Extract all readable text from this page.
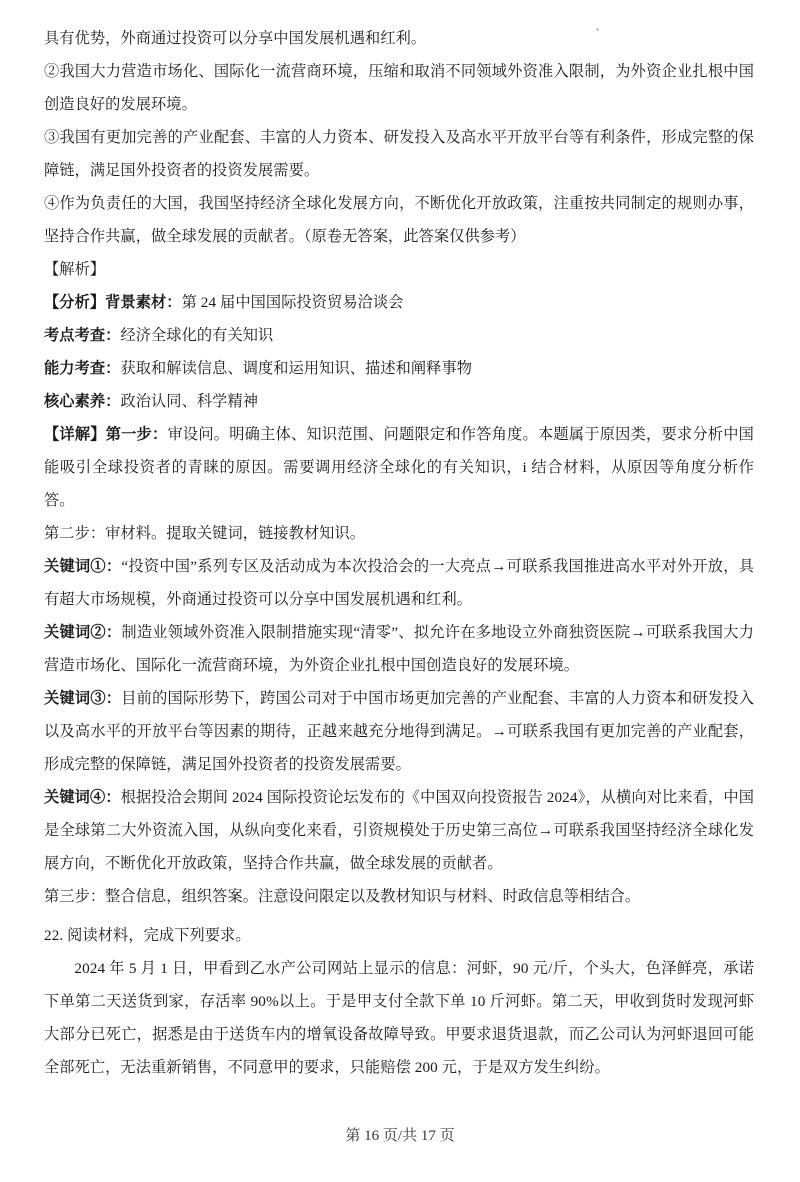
具有优势，外商通过投资可以分享中国发展机遇和红利。

②我国大力营造市场化、国际化一流营商环境，压缩和取消不同领域外资准入限制，为外资企业扎根中国创造良好的发展环境。

③我国有更加完善的产业配套、丰富的人力资本、研发投入及高水平开放平台等有利条件，形成完整的保障链，满足国外投资者的投资发展需要。

④作为负责任的大国，我国坚持经济全球化发展方向，不断优化开放政策，注重按共同制定的规则办事，坚持合作共赢，做全球发展的贡献者。（原卷无答案，此答案仅供参考）

【解析】

【分析】背景素材：第 24 届中国国际投资贸易洽谈会

考点考查：经济全球化的有关知识

能力考查：获取和解读信息、调度和运用知识、描述和阐释事物

核心素养：政治认同、科学精神

【详解】第一步：审设问。明确主体、知识范围、问题限定和作答角度。本题属于原因类，要求分析中国能吸引全球投资者的青睐的原因。需要调用经济全球化的有关知识，i 结合材料，从原因等角度分析作答。

第二步：审材料。提取关键词，链接教材知识。

关键词①：“投资中国”系列专区及活动成为本次投洽会的一大亮点→可联系我国推进高水平对外开放，具有超大市场规模，外商通过投资可以分享中国发展机遇和红利。

关键词②：制造业领域外资准入限制措施实现“清零”、拟允许在多地设立外商独资医院→可联系我国大力营造市场化、国际化一流营商环境，为外资企业扎根中国创造良好的发展环境。

关键词③：目前的国际形势下，跨国公司对于中国市场更加完善的产业配套、丰富的人力资本和研发投入以及高水平的开放平台等因素的期待，正越来越充分地得到满足。→可联系我国有更加完善的产业配套，形成完整的保障链，满足国外投资者的投资发展需要。

关键词④：根据投洽会期间 2024 国际投资论坛发布的《中国双向投资报告 2024》，从横向对比来看，中国是全球第二大外资流入国，从纵向变化来看，引资规模处于历史第三高位→可联系我国坚持经济全球化发展方向，不断优化开放政策，坚持合作共赢，做全球发展的贡献者。

第三步：整合信息，组织答案。注意设问限定以及教材知识与材料、时政信息等相结合。

22. 阅读材料，完成下列要求。

2024 年 5 月 1 日，甲看到乙水产公司网站上显示的信息：河虾，90 元/斤，个头大，色泽鲜亮，承诺下单第二天送货到家，存活率 90%以上。于是甲支付全款下单 10 斤河虾。第二天，甲收到货时发现河虾大部分已死亡，据悉是由于送货车内的增氧设备故障导致。甲要求退货退款，而乙公司认为河虾退回可能全部死亡，无法重新销售，不同意甲的要求，只能赔偿 200 元，于是双方发生纠纷。

第 16 页/共 17 页
